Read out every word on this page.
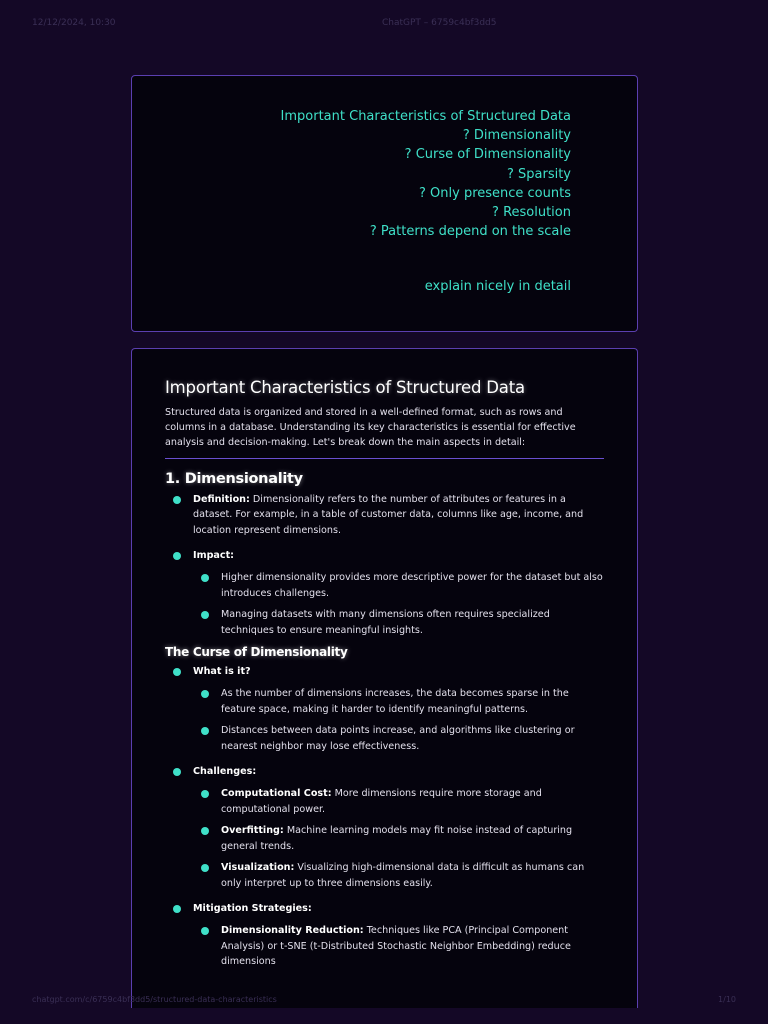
12/12/2024, 10:30	ChatGPT – 6759c4bf3dd5
Important Characteristics of Structured Data
? Dimensionality
? Curse of Dimensionality
? Sparsity
? Only presence counts
? Resolution
? Patterns depend on the scale
explain nicely in detail
Important Characteristics of Structured Data

Structured data is organized and stored in a well-defined format, such as rows and columns in a database. Understanding its key characteristics is essential for effective analysis and decision-making. Let's break down the main aspects in detail:

1. Dimensionality
Definition: Dimensionality refers to the number of attributes or features in a dataset. For example, in a table of customer data, columns like age, income, and location represent dimensions.
Impact:
Higher dimensionality provides more descriptive power for the dataset but also introduces challenges.
Managing datasets with many dimensions often requires specialized techniques to ensure meaningful insights.
The Curse of Dimensionality
What is it?
As the number of dimensions increases, the data becomes sparse in the feature space, making it harder to identify meaningful patterns.
Distances between data points increase, and algorithms like clustering or nearest neighbor may lose effectiveness.
Challenges:
Computational Cost: More dimensions require more storage and computational power.
Overfitting: Machine learning models may fit noise instead of capturing general trends.
Visualization: Visualizing high-dimensional data is difficult as humans can only interpret up to three dimensions easily.
Mitigation Strategies:
Dimensionality Reduction: Techniques like PCA (Principal Component Analysis) or t-SNE (t-Distributed Stochastic Neighbor Embedding) reduce dimensions
chatgpt.com/c/6759c4bf3dd5/structured-data-characteristics	1/10
